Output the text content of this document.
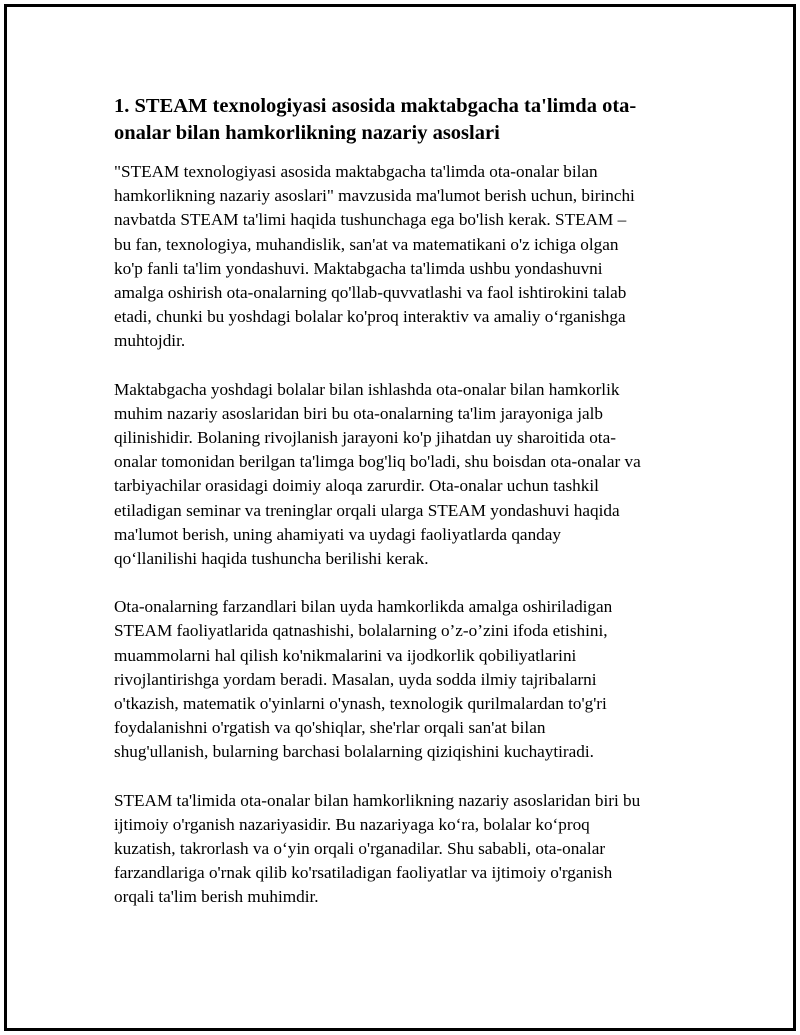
1. STEAM texnologiyasi asosida maktabgacha ta'limda ota-
onalar bilan hamkorlikning nazariy asoslari

"STEAM texnologiyasi asosida maktabgacha ta'limda ota-onalar bilan
hamkorlikning nazariy asoslari" mavzusida ma'lumot berish uchun, birinchi
navbatda STEAM ta'limi haqida tushunchaga ega bo'lish kerak. STEAM –
bu fan, texnologiya, muhandislik, san'at va matematikani o'z ichiga olgan
ko'p fanli ta'lim yondashuvi. Maktabgacha ta'limda ushbu yondashuvni
amalga oshirish ota-onalarning qo'llab-quvvatlashi va faol ishtirokini talab
etadi, chunki bu yoshdagi bolalar ko'proq interaktiv va amaliy o‘rganishga
muhtojdir.

Maktabgacha yoshdagi bolalar bilan ishlashda ota-onalar bilan hamkorlik
muhim nazariy asoslaridan biri bu ota-onalarning ta'lim jarayoniga jalb
qilinishidir. Bolaning rivojlanish jarayoni ko'p jihatdan uy sharoitida ota-
onalar tomonidan berilgan ta'limga bog'liq bo'ladi, shu boisdan ota-onalar va
tarbiyachilar orasidagi doimiy aloqa zarurdir. Ota-onalar uchun tashkil
etiladigan seminar va treninglar orqali ularga STEAM yondashuvi haqida
ma'lumot berish, uning ahamiyati va uydagi faoliyatlarda qanday
qo‘llanilishi haqida tushuncha berilishi kerak.

Ota-onalarning farzandlari bilan uyda hamkorlikda amalga oshiriladigan
STEAM faoliyatlarida qatnashishi, bolalarning o’z-o’zini ifoda etishini,
muammolarni hal qilish ko'nikmalarini va ijodkorlik qobiliyatlarini
rivojlantirishga yordam beradi. Masalan, uyda sodda ilmiy tajribalarni
o'tkazish, matematik o'yinlarni o'ynash, texnologik qurilmalardan to'g'ri
foydalanishni o'rgatish va qo'shiqlar, she'rlar orqali san'at bilan
shug'ullanish, bularning barchasi bolalarning qiziqishini kuchaytiradi.

STEAM ta'limida ota-onalar bilan hamkorlikning nazariy asoslaridan biri bu
ijtimoiy o'rganish nazariyasidir. Bu nazariyaga ko‘ra, bolalar ko‘proq
kuzatish, takrorlash va o‘yin orqali o'rganadilar. Shu sababli, ota-onalar
farzandlariga o'rnak qilib ko'rsatiladigan faoliyatlar va ijtimoiy o'rganish
orqali ta'lim berish muhimdir.
